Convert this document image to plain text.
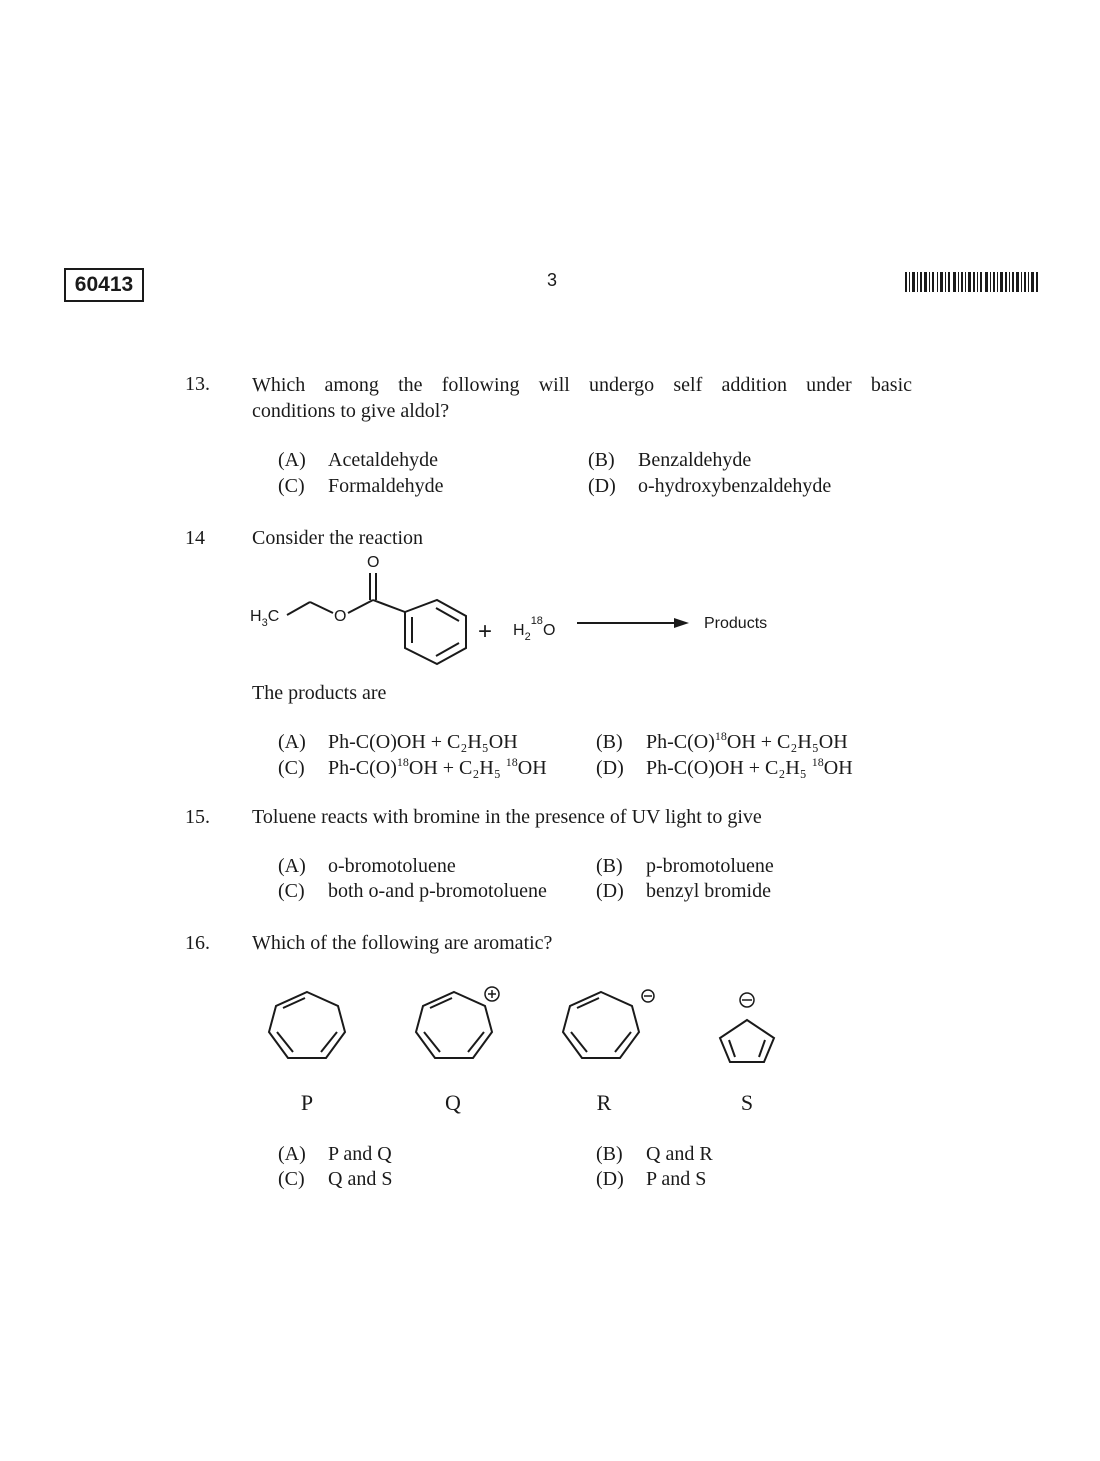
60413	3
13. Which among the following will undergo self addition under basic
conditions to give aldol?
(A) Acetaldehyde	(B) Benzaldehyde
(C) Formaldehyde	(D) o-hydroxybenzaldehyde
14 Consider the reaction
O
O
$H_3C$
+ $H_2^{18}O$	Products
The products are
(A) Ph-C(O)OH + C₂H₅OH	(B) $Ph-C(O)^{18}OH + C_2H_5OH$
(C) $Ph-C(O)^{18}OH + C_2H_5$ $^{18}$OH (D) Ph-C(O)OH + C₂H₅ $^{18}$OH
15. Toluene reacts with bromine in the presence of UV light to give
(A) o-bromotoluene	(B) p-bromotoluene
(C) both o-and p-bromotoluene (D) benzyl bromide
16. Which of the following are aromatic?
P	Q	R	S
(A) P and Q	(B) Q and R
(C) Q and S	(D) P and S
